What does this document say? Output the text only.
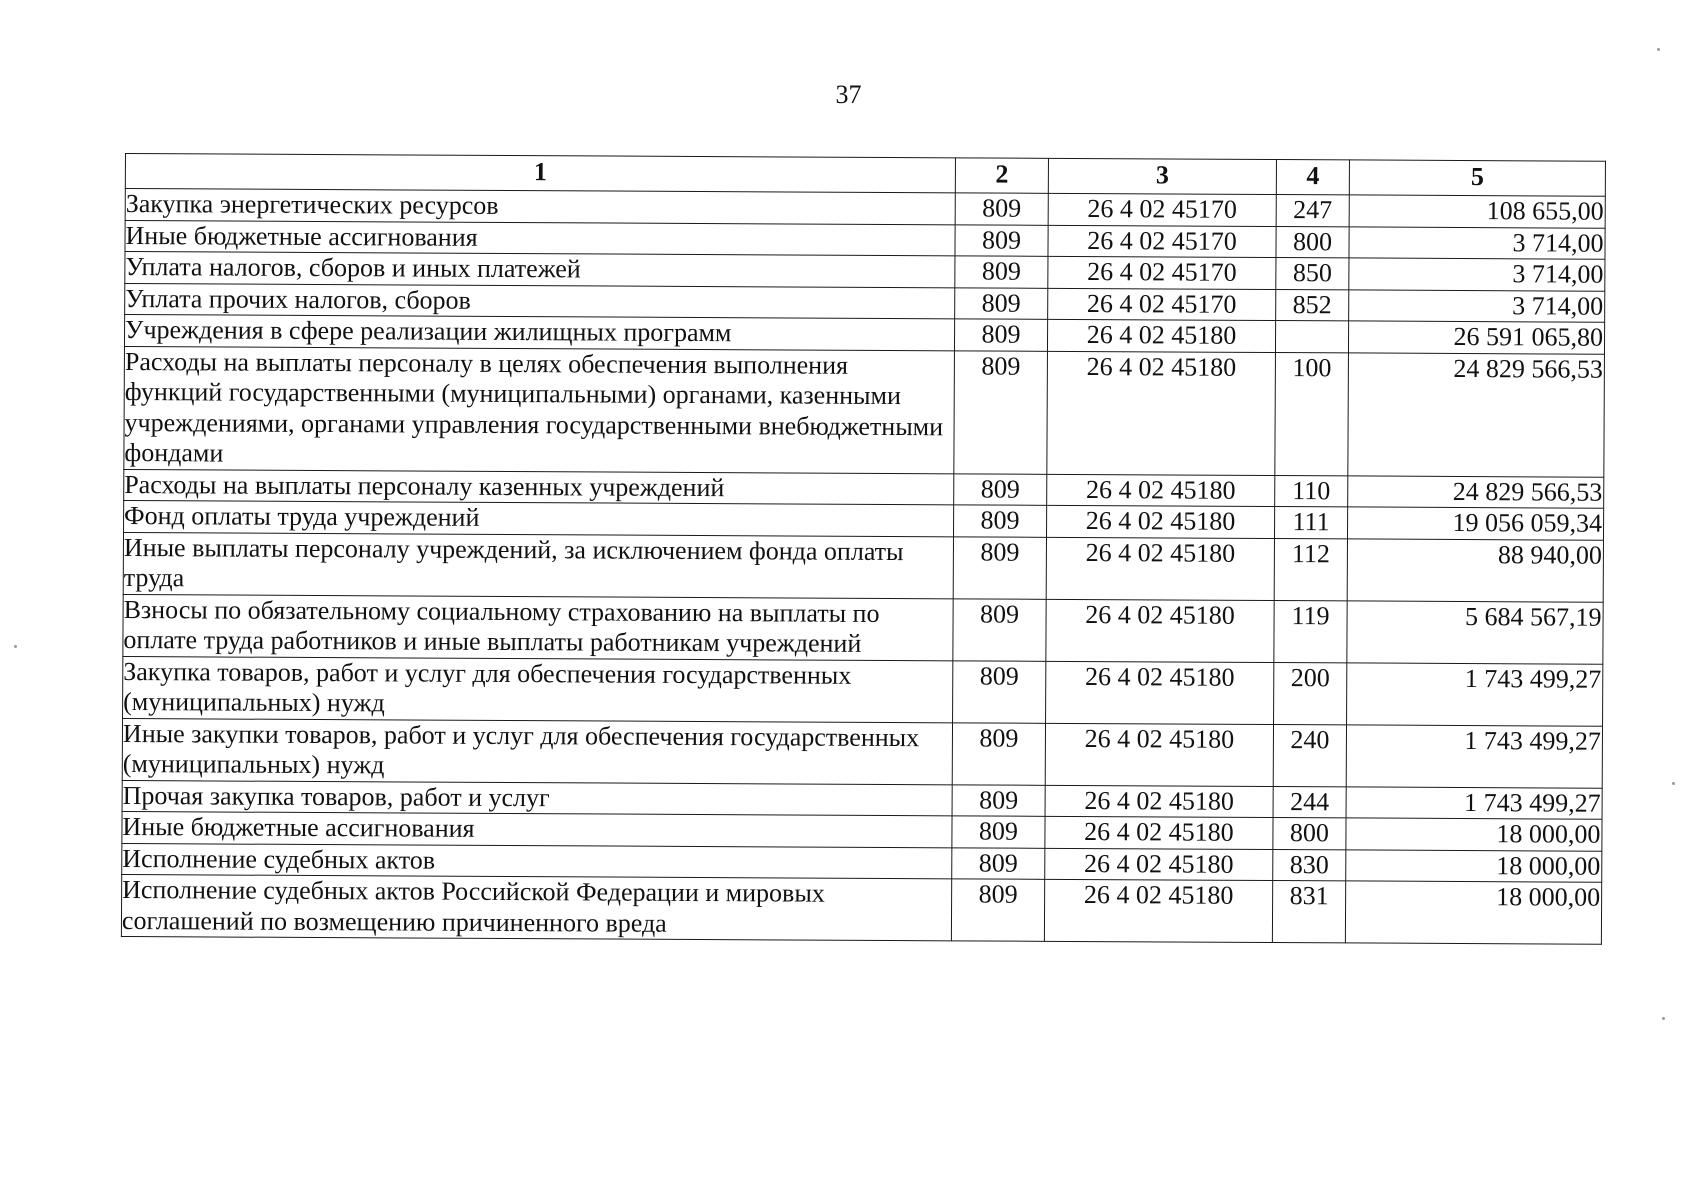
37
1	2	3	4	5
Закупка энергетических ресурсов	809	26 4 02 45170	247	108 655,00
Иные бюджетные ассигнования	809	26 4 02 45170	800	3 714,00
Уплата налогов, сборов и иных платежей	809	26 4 02 45170	850	3 714,00
Уплата прочих налогов, сборов	809	26 4 02 45170	852	3 714,00
Учреждения в сфере реализации жилищных программ	809	26 4 02 45180		26 591 065,80
Расходы на выплаты персоналу в целях обеспечения выполнения функций государственными (муниципальными) органами, казенными учреждениями, органами управления государственными внебюджетными фондами	809	26 4 02 45180	100	24 829 566,53
Расходы на выплаты персоналу казенных учреждений	809	26 4 02 45180	110	24 829 566,53
Фонд оплаты труда учреждений	809	26 4 02 45180	111	19 056 059,34
Иные выплаты персоналу учреждений, за исключением фонда оплаты труда	809	26 4 02 45180	112	88 940,00
Взносы по обязательному социальному страхованию на выплаты по оплате труда работников и иные выплаты работникам учреждений	809	26 4 02 45180	119	5 684 567,19
Закупка товаров, работ и услуг для обеспечения государственных (муниципальных) нужд	809	26 4 02 45180	200	1 743 499,27
Иные закупки товаров, работ и услуг для обеспечения государственных (муниципальных) нужд	809	26 4 02 45180	240	1 743 499,27
Прочая закупка товаров, работ и услуг	809	26 4 02 45180	244	1 743 499,27
Иные бюджетные ассигнования	809	26 4 02 45180	800	18 000,00
Исполнение судебных актов	809	26 4 02 45180	830	18 000,00
Исполнение судебных актов Российской Федерации и мировых соглашений по возмещению причиненного вреда	809	26 4 02 45180	831	18 000,00
